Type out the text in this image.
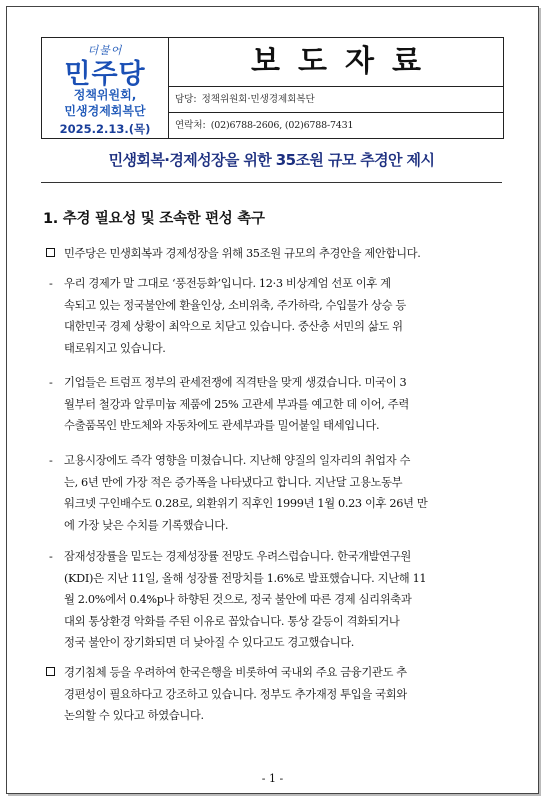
더불어
민주당
정책위원회,
민생경제회복단
2025.2.13.(목)
보도자료
담당: 정책위원회·민생경제회복단
연락처: (02)6788-2606, (02)6788-7431
민생회복·경제성장을 위한 35조원 규모 추경안 제시
1. 추경 필요성 및 조속한 편성 촉구
민주당은 민생회복과 경제성장을 위해 35조원 규모의 추경안을 제안합니다.
- 우리 경제가 말 그대로 ‘풍전등화’입니다. 12·3 비상계엄 선포 이후 계
속되고 있는 정국불안에 환율인상, 소비위축, 주가하락, 수입물가 상승 등
대한민국 경제 상황이 최악으로 치닫고 있습니다. 중산층 서민의 삶도 위
태로워지고 있습니다.
- 기업들은 트럼프 정부의 관세전쟁에 직격탄을 맞게 생겼습니다. 미국이 3
월부터 철강과 알루미늄 제품에 25% 고관세 부과를 예고한 데 이어, 주력
수출품목인 반도체와 자동차에도 관세부과를 밀어붙일 태세입니다.
- 고용시장에도 즉각 영향을 미쳤습니다. 지난해 양질의 일자리의 취업자 수
는, 6년 만에 가장 적은 증가폭을 나타냈다고 합니다. 지난달 고용노동부
워크넷 구인배수도 0.28로, 외환위기 직후인 1999년 1월 0.23 이후 26년 만
에 가장 낮은 수치를 기록했습니다.
- 잠재성장률을 밑도는 경제성장률 전망도 우려스럽습니다. 한국개발연구원
(KDI)은 지난 11일, 올해 성장률 전망치를 1.6%로 발표했습니다. 지난해 11
월 2.0%에서 0.4%p나 하향된 것으로, 정국 불안에 따른 경제 심리위축과
대외 통상환경 악화를 주된 이유로 꼽았습니다. 통상 갈등이 격화되거나
정국 불안이 장기화되면 더 낮아질 수 있다고도 경고했습니다.
경기침체 등을 우려하여 한국은행을 비롯하여 국내외 주요 금융기관도 추
경편성이 필요하다고 강조하고 있습니다. 정부도 추가재정 투입을 국회와
논의할 수 있다고 하였습니다.
- 1 -
